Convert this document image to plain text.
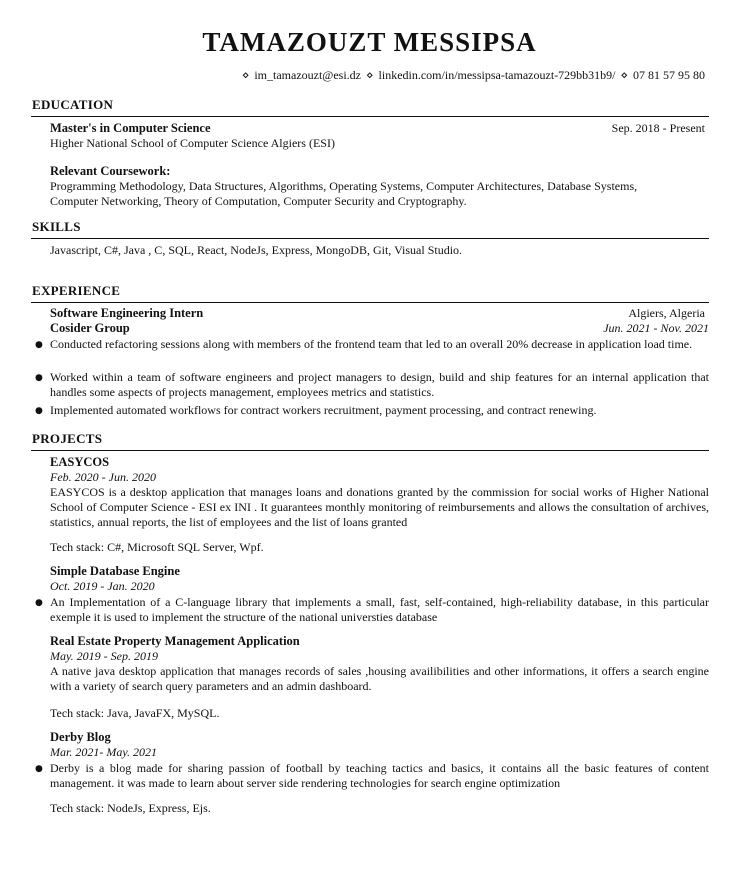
TAMAZOUZT MESSIPSA
⋄ im_tamazouzt@esi.dz ⋄ linkedin.com/in/messipsa-tamazouzt-729bb31b9/ ⋄ 07 81 57 95 80
EDUCATION
Master's in Computer Science	Sep. 2018 - Present
Higher National School of Computer Science Algiers (ESI)
Relevant Coursework:
Programming Methodology, Data Structures, Algorithms, Operating Systems, Computer Architectures, Database Systems,
Computer Networking, Theory of Computation, Computer Security and Cryptography.
SKILLS
Javascript, C#, Java , C, SQL, React, NodeJs, Express, MongoDB, Git, Visual Studio.
EXPERIENCE
Software Engineering Intern	Algiers, Algeria
Cosider Group	Jun. 2021 - Nov. 2021
● Conducted refactoring sessions along with members of the frontend team that led to an overall 20% decrease in application load time.
● Worked within a team of software engineers and project managers to design, build and ship features for an internal application that handles some aspects of projects management, employees metrics and statistics.
● Implemented automated workflows for contract workers recruitment, payment processing, and contract renewing.
PROJECTS
EASYCOS
Feb. 2020 - Jun. 2020
EASYCOS is a desktop application that manages loans and donations granted by the commission for social works of Higher National School of Computer Science - ESI ex INI . It guarantees monthly monitoring of reimbursements and allows the consultation of archives, statistics, annual reports, the list of employees and the list of loans granted
Tech stack: C#, Microsoft SQL Server, Wpf.
Simple Database Engine
Oct. 2019 - Jan. 2020
● An Implementation of a C-language library that implements a small, fast, self-contained, high-reliability database, in this particular exemple it is used to implement the structure of the national universties database
Real Estate Property Management Application
May. 2019 - Sep. 2019
A native java desktop application that manages records of sales ,housing availibilities and other informations, it offers a search engine with a variety of search query parameters and an admin dashboard.
Tech stack: Java, JavaFX, MySQL.
Derby Blog
Mar. 2021- May. 2021
● Derby is a blog made for sharing passion of football by teaching tactics and basics, it contains all the basic features of content management. it was made to learn about server side rendering technologies for search engine optimization
Tech stack: NodeJs, Express, Ejs.
